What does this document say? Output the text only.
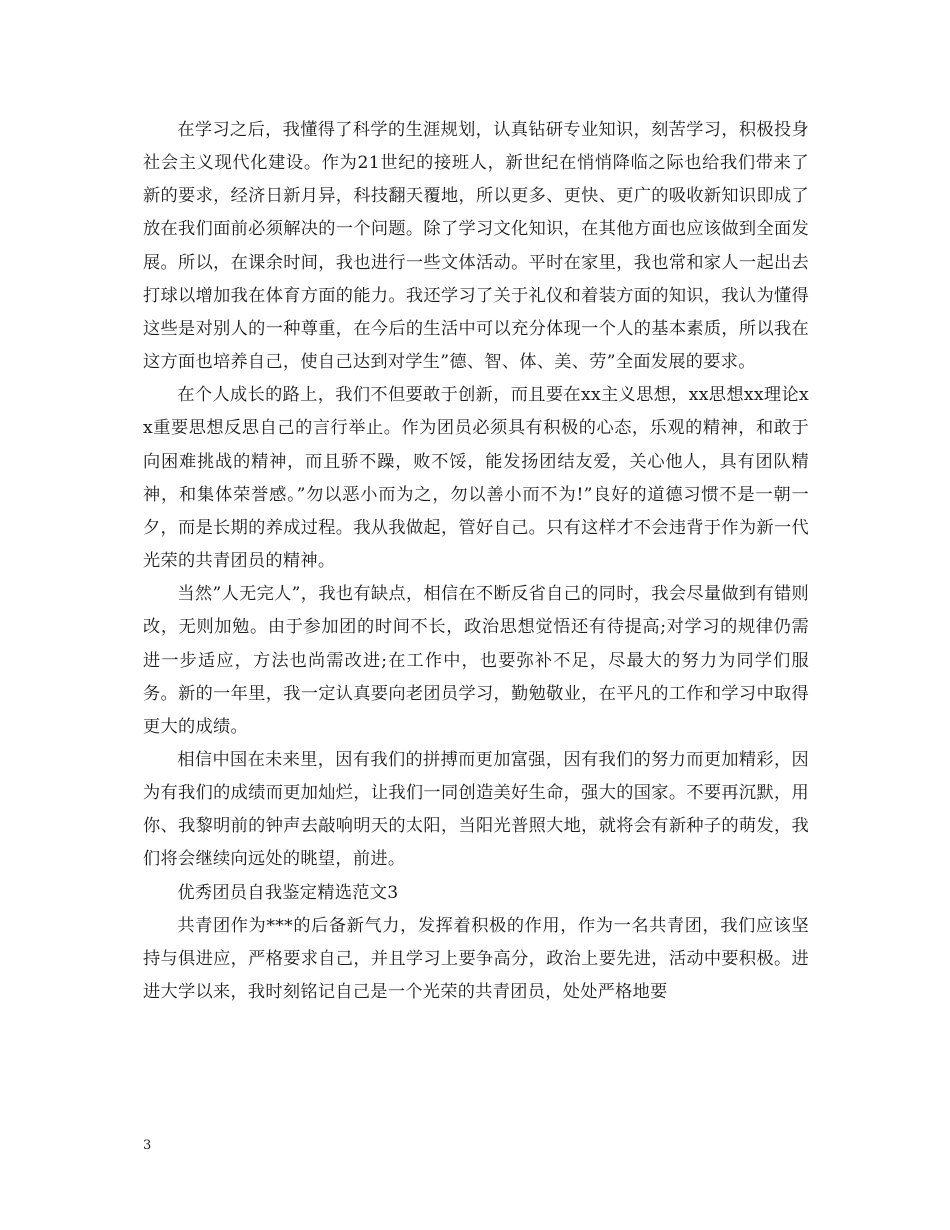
在学习之后，我懂得了科学的生涯规划，认真钻研专业知识，刻苦学习，积极投身社会主义现代化建设。作为21世纪的接班人，新世纪在悄悄降临之际也给我们带来了新的要求，经济日新月异，科技翻天覆地，所以更多、更快、更广的吸收新知识即成了放在我们面前必须解决的一个问题。除了学习文化知识，在其他方面也应该做到全面发展。所以，在课余时间，我也进行一些文体活动。平时在家里，我也常和家人一起出去打球以增加我在体育方面的能力。我还学习了关于礼仪和着装方面的知识，我认为懂得这些是对别人的一种尊重，在今后的生活中可以充分体现一个人的基本素质，所以我在这方面也培养自己，使自己达到对学生”德、智、体、美、劳”全面发展的要求。

在个人成长的路上，我们不但要敢于创新，而且要在xx主义思想，xx思想xx理论xx重要思想反思自己的言行举止。作为团员必须具有积极的心态，乐观的精神，和敢于向困难挑战的精神，而且骄不躁，败不馁，能发扬团结友爱，关心他人，具有团队精神，和集体荣誉感。”勿以恶小而为之，勿以善小而不为!”良好的道德习惯不是一朝一夕，而是长期的养成过程。我从我做起，管好自己。只有这样才不会违背于作为新一代光荣的共青团员的精神。

当然”人无完人”，我也有缺点，相信在不断反省自己的同时，我会尽量做到有错则改，无则加勉。由于参加团的时间不长，政治思想觉悟还有待提高;对学习的规律仍需进一步适应，方法也尚需改进;在工作中，也要弥补不足，尽最大的努力为同学们服务。新的一年里，我一定认真要向老团员学习，勤勉敬业，在平凡的工作和学习中取得更大的成绩。

相信中国在未来里，因有我们的拼搏而更加富强，因有我们的努力而更加精彩，因为有我们的成绩而更加灿烂，让我们一同创造美好生命，强大的国家。不要再沉默，用你、我黎明前的钟声去敲响明天的太阳，当阳光普照大地，就将会有新种子的萌发，我们将会继续向远处的眺望，前进。

优秀团员自我鉴定精选范文3

共青团作为***的后备新气力，发挥着积极的作用，作为一名共青团，我们应该坚持与俱进应，严格要求自己，并且学习上要争高分，政治上要先进，活动中要积极。进进大学以来，我时刻铭记自己是一个光荣的共青团员，处处严格地要

3
